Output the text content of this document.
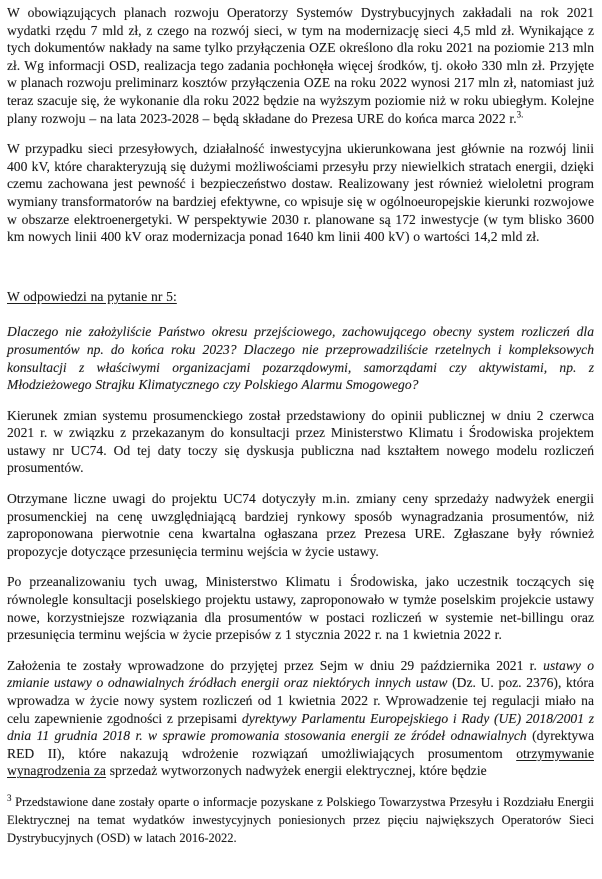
W obowiązujących planach rozwoju Operatorzy Systemów Dystrybucyjnych zakładali na rok 2021 wydatki rzędu 7 mld zł, z czego na rozwój sieci, w tym na modernizację sieci 4,5 mld zł. Wynikające z tych dokumentów nakłady na same tylko przyłączenia OZE określono dla roku 2021 na poziomie 213 mln zł. Wg informacji OSD, realizacja tego zadania pochłonęła więcej środków, tj. około 330 mln zł. Przyjęte w planach rozwoju preliminarz kosztów przyłączenia OZE na roku 2022 wynosi 217 mln zł, natomiast już teraz szacuje się, że wykonanie dla roku 2022 będzie na wyższym poziomie niż w roku ubiegłym. Kolejne plany rozwoju – na lata 2023-2028 – będą składane do Prezesa URE do końca marca 2022 r.$^{3.}$

W przypadku sieci przesyłowych, działalność inwestycyjna ukierunkowana jest głównie na rozwój linii 400 kV, które charakteryzują się dużymi możliwościami przesyłu przy niewielkich stratach energii, dzięki czemu zachowana jest pewność i bezpieczeństwo dostaw. Realizowany jest również wieloletni program wymiany transformatorów na bardziej efektywne, co wpisuje się w ogólnoeuropejskie kierunki rozwojowe w obszarze elektroenergetyki. W perspektywie 2030 r. planowane są 172 inwestycje (w tym blisko 3600 km nowych linii 400 kV oraz modernizacja ponad 1640 km linii 400 kV) o wartości 14,2 mld zł.

W odpowiedzi na pytanie nr 5:

Dlaczego nie założyliście Państwo okresu przejściowego, zachowującego obecny system rozliczeń dla prosumentów np. do końca roku 2023? Dlaczego nie przeprowadziliście rzetelnych i kompleksowych konsultacji z właściwymi organizacjami pozarządowymi, samorządami czy aktywistami, np. z Młodzieżowego Strajku Klimatycznego czy Polskiego Alarmu Smogowego?

Kierunek zmian systemu prosumenckiego został przedstawiony do opinii publicznej w dniu 2 czerwca 2021 r. w związku z przekazanym do konsultacji przez Ministerstwo Klimatu i Środowiska projektem ustawy nr UC74. Od tej daty toczy się dyskusja publiczna nad kształtem nowego modelu rozliczeń prosumentów.

Otrzymane liczne uwagi do projektu UC74 dotyczyły m.in. zmiany ceny sprzedaży nadwyżek energii prosumenckiej na cenę uwzględniającą bardziej rynkowy sposób wynagradzania prosumentów, niż zaproponowana pierwotnie cena kwartalna ogłaszana przez Prezesa URE. Zgłaszane były również propozycje dotyczące przesunięcia terminu wejścia w życie ustawy.

Po przeanalizowaniu tych uwag, Ministerstwo Klimatu i Środowiska, jako uczestnik toczących się równolegle konsultacji poselskiego projektu ustawy, zaproponowało w tymże poselskim projekcie ustawy nowe, korzystniejsze rozwiązania dla prosumentów w postaci rozliczeń w systemie net-billingu oraz przesunięcia terminu wejścia w życie przepisów z 1 stycznia 2022 r. na 1 kwietnia 2022 r.

Założenia te zostały wprowadzone do przyjętej przez Sejm w dniu 29 października 2021 r. ustawy o zmianie ustawy o odnawialnych źródłach energii oraz niektórych innych ustaw (Dz. U. poz. 2376), która wprowadza w życie nowy system rozliczeń od 1 kwietnia 2022 r. Wprowadzenie tej regulacji miało na celu zapewnienie zgodności z przepisami dyrektywy Parlamentu Europejskiego i Rady (UE) 2018/2001 z dnia 11 grudnia 2018 r. w sprawie promowania stosowania energii ze źródeł odnawialnych (dyrektywa RED II), które nakazują wdrożenie rozwiązań umożliwiających prosumentom otrzymywanie wynagrodzenia za sprzedaż wytworzonych nadwyżek energii elektrycznej, które będzie

$^3$ Przedstawione dane zostały oparte o informacje pozyskane z Polskiego Towarzystwa Przesyłu i Rozdziału Energii Elektrycznej na temat wydatków inwestycyjnych poniesionych przez pięciu największych Operatorów Sieci Dystrybucyjnych (OSD) w latach 2016-2022.
